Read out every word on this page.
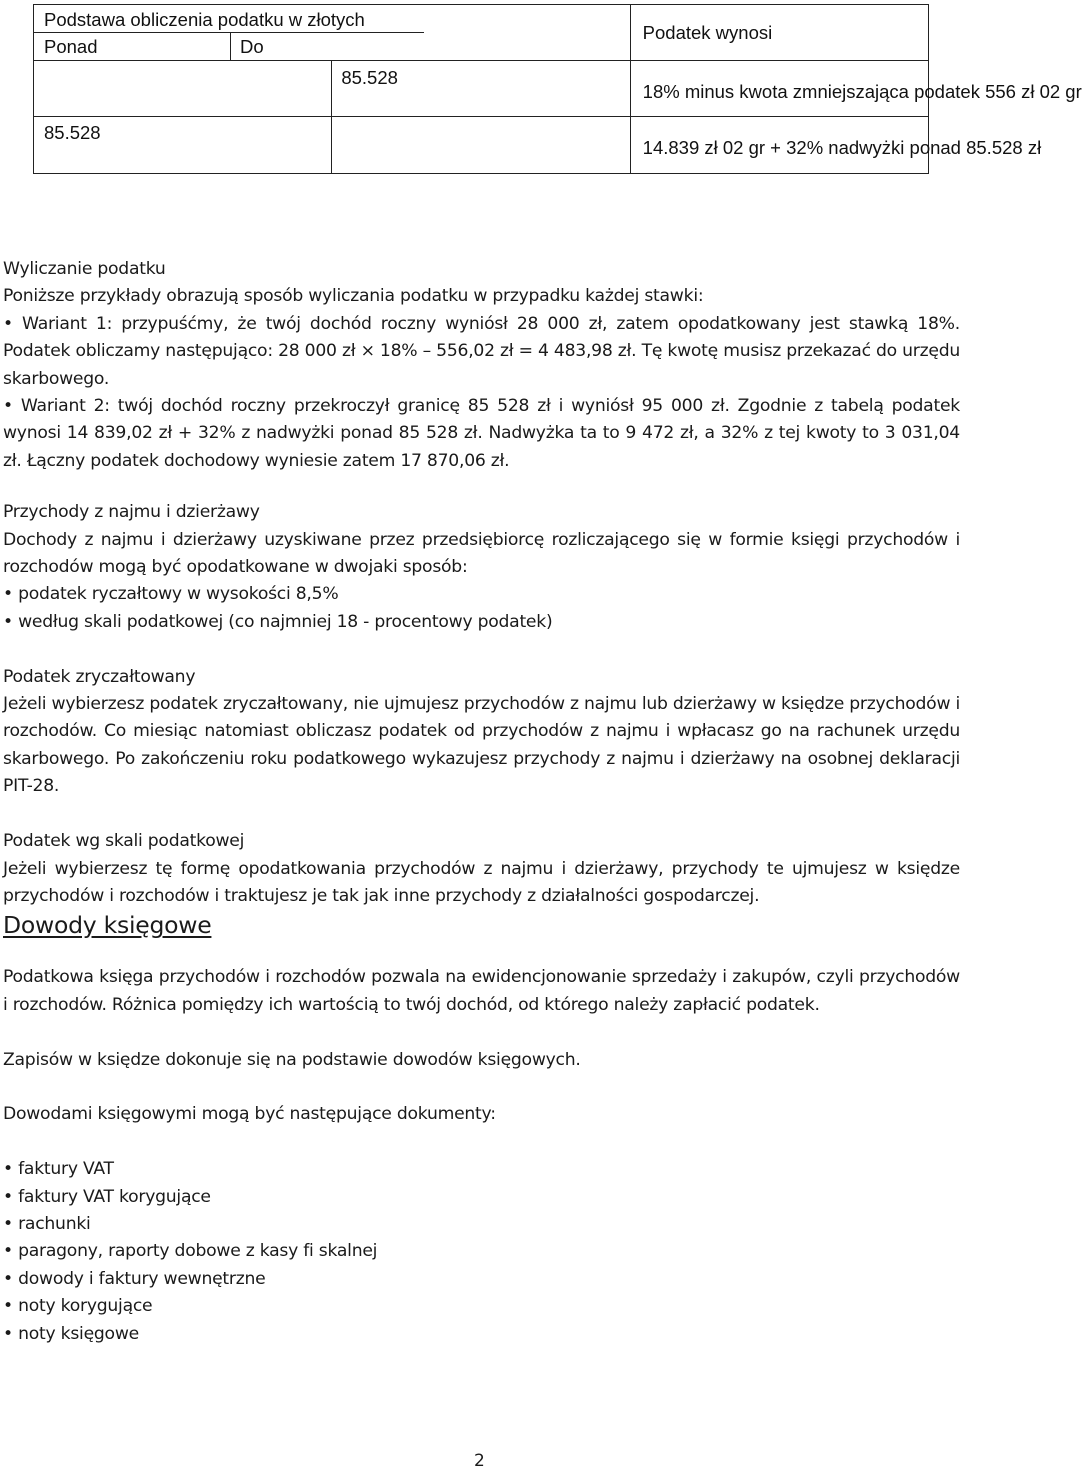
Podstawa obliczenia podatku w złotych
Ponad Do		Podatek wynosi

	85.528	18% minus kwota zmniejszająca podatek 556 zł 02 gr

85.528		14.839 zł 02 gr + 32% nadwyżki ponad 85.528 zł

Wyliczanie podatku

Poniższe przykłady obrazują sposób wyliczania podatku w przypadku każdej stawki:

• Wariant 1: przypuśćmy, że twój dochód roczny wyniósł 28 000 zł, zatem opodatkowany jest stawką 18%. Podatek obliczamy następująco: 28 000 zł × 18% – 556,02 zł = 4 483,98 zł. Tę kwotę musisz przekazać do urzędu skarbowego.

• Wariant 2: twój dochód roczny przekroczył granicę 85 528 zł i wyniósł 95 000 zł. Zgodnie z tabelą podatek wynosi 14 839,02 zł + 32% z nadwyżki ponad 85 528 zł. Nadwyżka ta to 9 472 zł, a 32% z tej kwoty to 3 031,04 zł. Łączny podatek dochodowy wyniesie zatem 17 870,06 zł.

Przychody z najmu i dzierżawy

Dochody z najmu i dzierżawy uzyskiwane przez przedsiębiorcę rozliczającego się w formie księgi przychodów i rozchodów mogą być opodatkowane w dwojaki sposób:

• podatek ryczałtowy w wysokości 8,5%

• według skali podatkowej (co najmniej 18 - procentowy podatek)

Podatek zryczałtowany

Jeżeli wybierzesz podatek zryczałtowany, nie ujmujesz przychodów z najmu lub dzierżawy w księdze przychodów i rozchodów. Co miesiąc natomiast obliczasz podatek od przychodów z najmu i wpłacasz go na rachunek urzędu skarbowego. Po zakończeniu roku podatkowego wykazujesz przychody z najmu i dzierżawy na osobnej deklaracji PIT-28.

Podatek wg skali podatkowej

Jeżeli wybierzesz tę formę opodatkowania przychodów z najmu i dzierżawy, przychody te ujmujesz w księdze przychodów i rozchodów i traktujesz je tak jak inne przychody z działalności gospodarczej.

Dowody księgowe

Podatkowa księga przychodów i rozchodów pozwala na ewidencjonowanie sprzedaży i zakupów, czyli przychodów i rozchodów. Różnica pomiędzy ich wartością to twój dochód, od którego należy zapłacić podatek.

Zapisów w księdze dokonuje się na podstawie dowodów księgowych.

Dowodami księgowymi mogą być następujące dokumenty:

• faktury VAT

• faktury VAT korygujące

• rachunki

• paragony, raporty dobowe z kasy fi skalnej

• dowody i faktury wewnętrzne

• noty korygujące

• noty księgowe

2
